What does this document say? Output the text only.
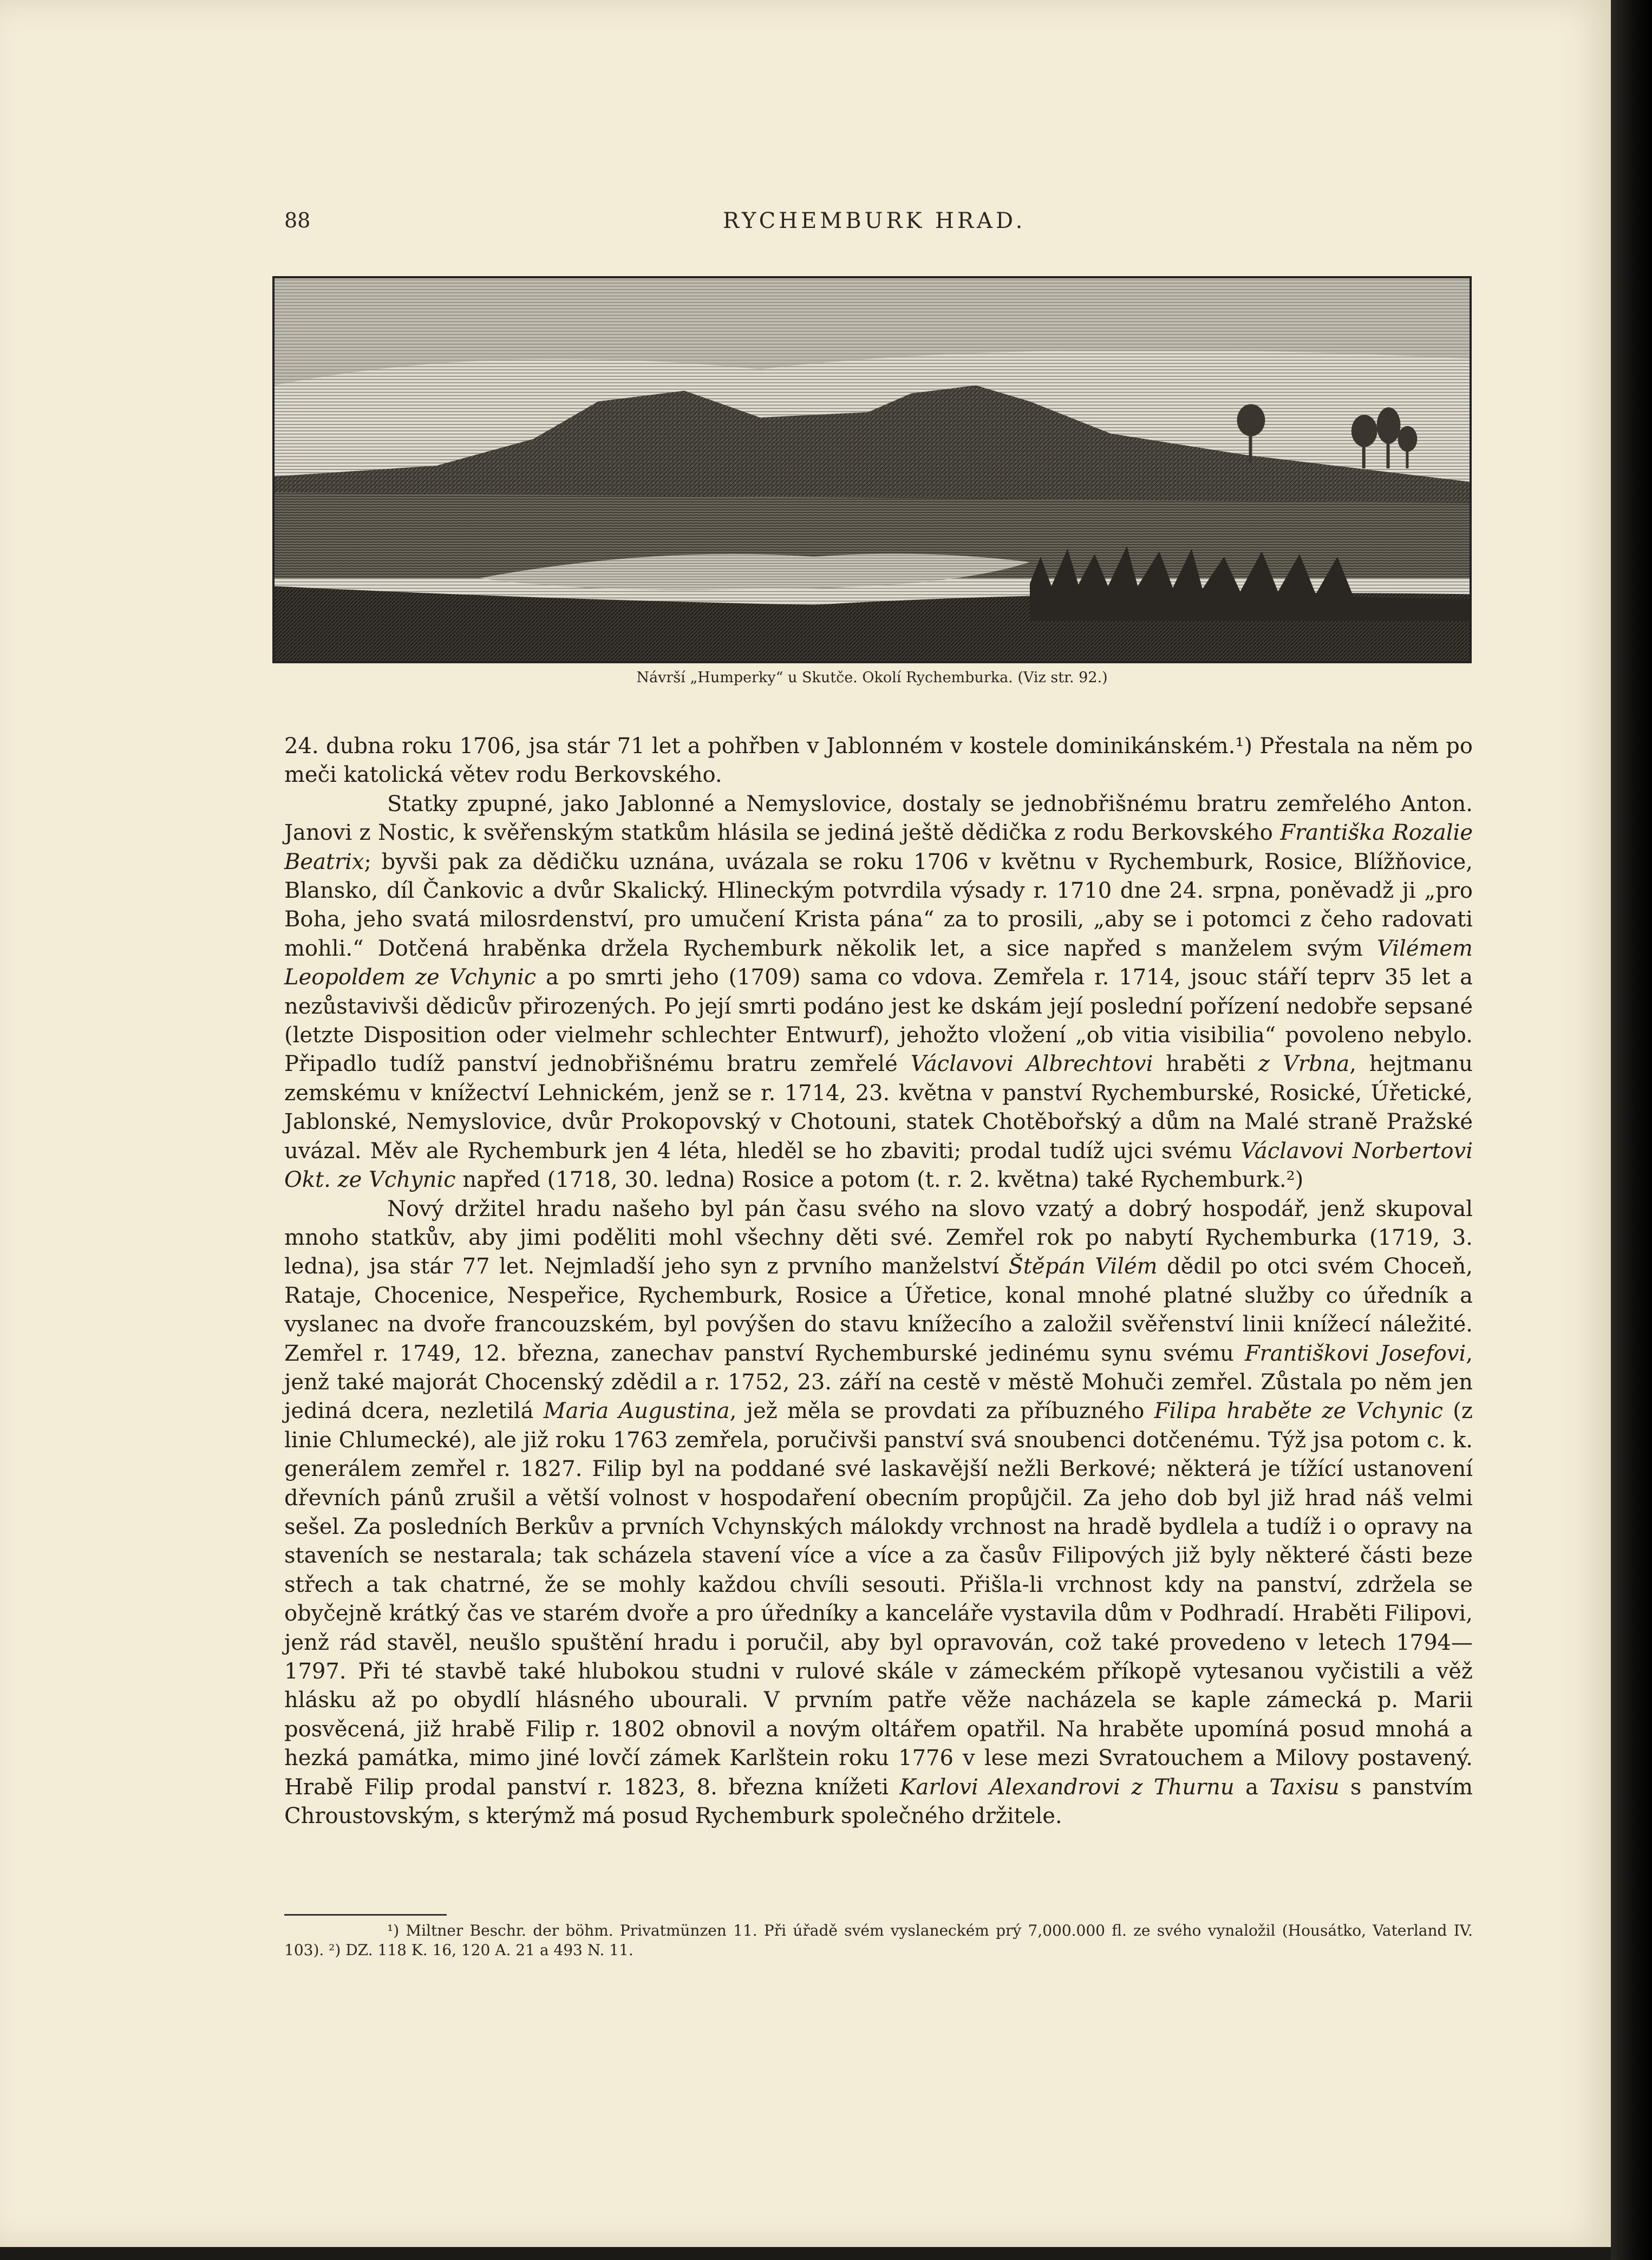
88	RYCHEMBURK HRAD.
Návrší „Humperky“ u Skutče. Okolí Rychemburka. (Viz str. 92.)

24. dubna roku 1706, jsa stár 71 let a pohřben v Jablonném v kostele dominikánském.¹) Přestala na něm po meči katolická větev rodu Berkovského.

Statky zpupné, jako Jablonné a Nemyslovice, dostaly se jednobřišnému bratru zemřelého Anton. Janovi z Nostic, k svěřenským statkům hlásila se jediná ještě dědička z rodu Berkovského Františka Rozalie Beatrix; byvši pak za dědičku uznána, uvázala se roku 1706 v květnu v Rychemburk, Rosice, Blížňovice, Blansko, díl Čankovic a dvůr Skalický. Hlineckým potvrdila výsady r. 1710 dne 24. srpna, poněvadž ji „pro Boha, jeho svatá milosrdenství, pro umučení Krista pána“ za to prosili, „aby se i potomci z čeho radovati mohli.“ Dotčená hraběnka držela Rychemburk několik let, a sice napřed s manželem svým Vilémem Leopoldem ze Vchynic a po smrti jeho (1709) sama co vdova. Zemřela r. 1714, jsouc stáří teprv 35 let a nezůstavivši dědicův přirozených. Po její smrti podáno jest ke dskám její poslední pořízení nedobře sepsané (letzte Disposition oder vielmehr schlechter Entwurf), jehožto vložení „ob vitia visibilia“ povoleno nebylo. Připadlo tudíž panství jednobřišnému bratru zemřelé Václavovi Albrechtovi hraběti z Vrbna, hejtmanu zemskému v knížectví Lehnickém, jenž se r. 1714, 23. května v panství Rychemburské, Rosické, Úřetické, Jablonské, Nemyslovice, dvůr Prokopovský v Chotouni, statek Chotěbořský a dům na Malé straně Pražské uvázal. Měv ale Rychemburk jen 4 léta, hleděl se ho zbaviti; prodal tudíž ujci svému Václavovi Norbertovi Okt. ze Vchynic napřed (1718, 30. ledna) Rosice a potom (t. r. 2. května) také Rychemburk.²)

Nový držitel hradu našeho byl pán času svého na slovo vzatý a dobrý hospodář, jenž skupoval mnoho statkův, aby jimi poděliti mohl všechny děti své. Zemřel rok po nabytí Rychemburka (1719, 3. ledna), jsa stár 77 let. Nejmladší jeho syn z prvního manželství Štěpán Vilém dědil po otci svém Choceň, Rataje, Chocenice, Nespeřice, Rychemburk, Rosice a Úřetice, konal mnohé platné služby co úředník a vyslanec na dvoře francouzském, byl povýšen do stavu knížecího a založil svěřenství linii knížecí náležité. Zemřel r. 1749, 12. března, zanechav panství Rychemburské jedinému synu svému Františkovi Josefovi, jenž také majorát Chocenský zdědil a r. 1752, 23. září na cestě v městě Mohuči zemřel. Zůstala po něm jen jediná dcera, nezletilá Maria Augustina, jež měla se provdati za příbuzného Filipa hraběte ze Vchynic (z linie Chlumecké), ale již roku 1763 zemřela, poručivši panství svá snoubenci dotčenému. Týž jsa potom c. k. generálem zemřel r. 1827. Filip byl na poddané své laskavější nežli Berkové; některá je tížící ustanovení dřevních pánů zrušil a větší volnost v hospodaření obecním propůjčil. Za jeho dob byl již hrad náš velmi sešel. Za posledních Berkův a prvních Vchynských málokdy vrchnost na hradě bydlela a tudíž i o opravy na staveních se nestarala; tak scházela stavení více a více a za časův Filipových již byly některé části beze střech a tak chatrné, že se mohly každou chvíli sesouti. Přišla-li vrchnost kdy na panství, zdržela se obyčejně krátký čas ve starém dvoře a pro úředníky a kanceláře vystavila dům v Podhradí. Hraběti Filipovi, jenž rád stavěl, neušlo spuštění hradu i poručil, aby byl opravován, což také provedeno v letech 1794—1797. Při té stavbě také hlubokou studni v rulové skále v zámeckém příkopě vytesanou vyčistili a věž hlásku až po obydlí hlásného ubourali. V prvním patře věže nacházela se kaple zámecká p. Marii posvěcená, již hrabě Filip r. 1802 obnovil a novým oltářem opatřil. Na hraběte upomíná posud mnohá a hezká památka, mimo jiné lovčí zámek Karlštein roku 1776 v lese mezi Svratouchem a Milovy postavený. Hrabě Filip prodal panství r. 1823, 8. března knížeti Karlovi Alexandrovi z Thurnu a Taxisu s panstvím Chroustovským, s kterýmž má posud Rychemburk společného držitele.

¹) Miltner Beschr. der böhm. Privatmünzen 11. Při úřadě svém vyslaneckém prý 7,000.000 fl. ze svého vynaložil (Housátko, Vaterland IV. 103). ²) DZ. 118 K. 16, 120 A. 21 a 493 N. 11.
